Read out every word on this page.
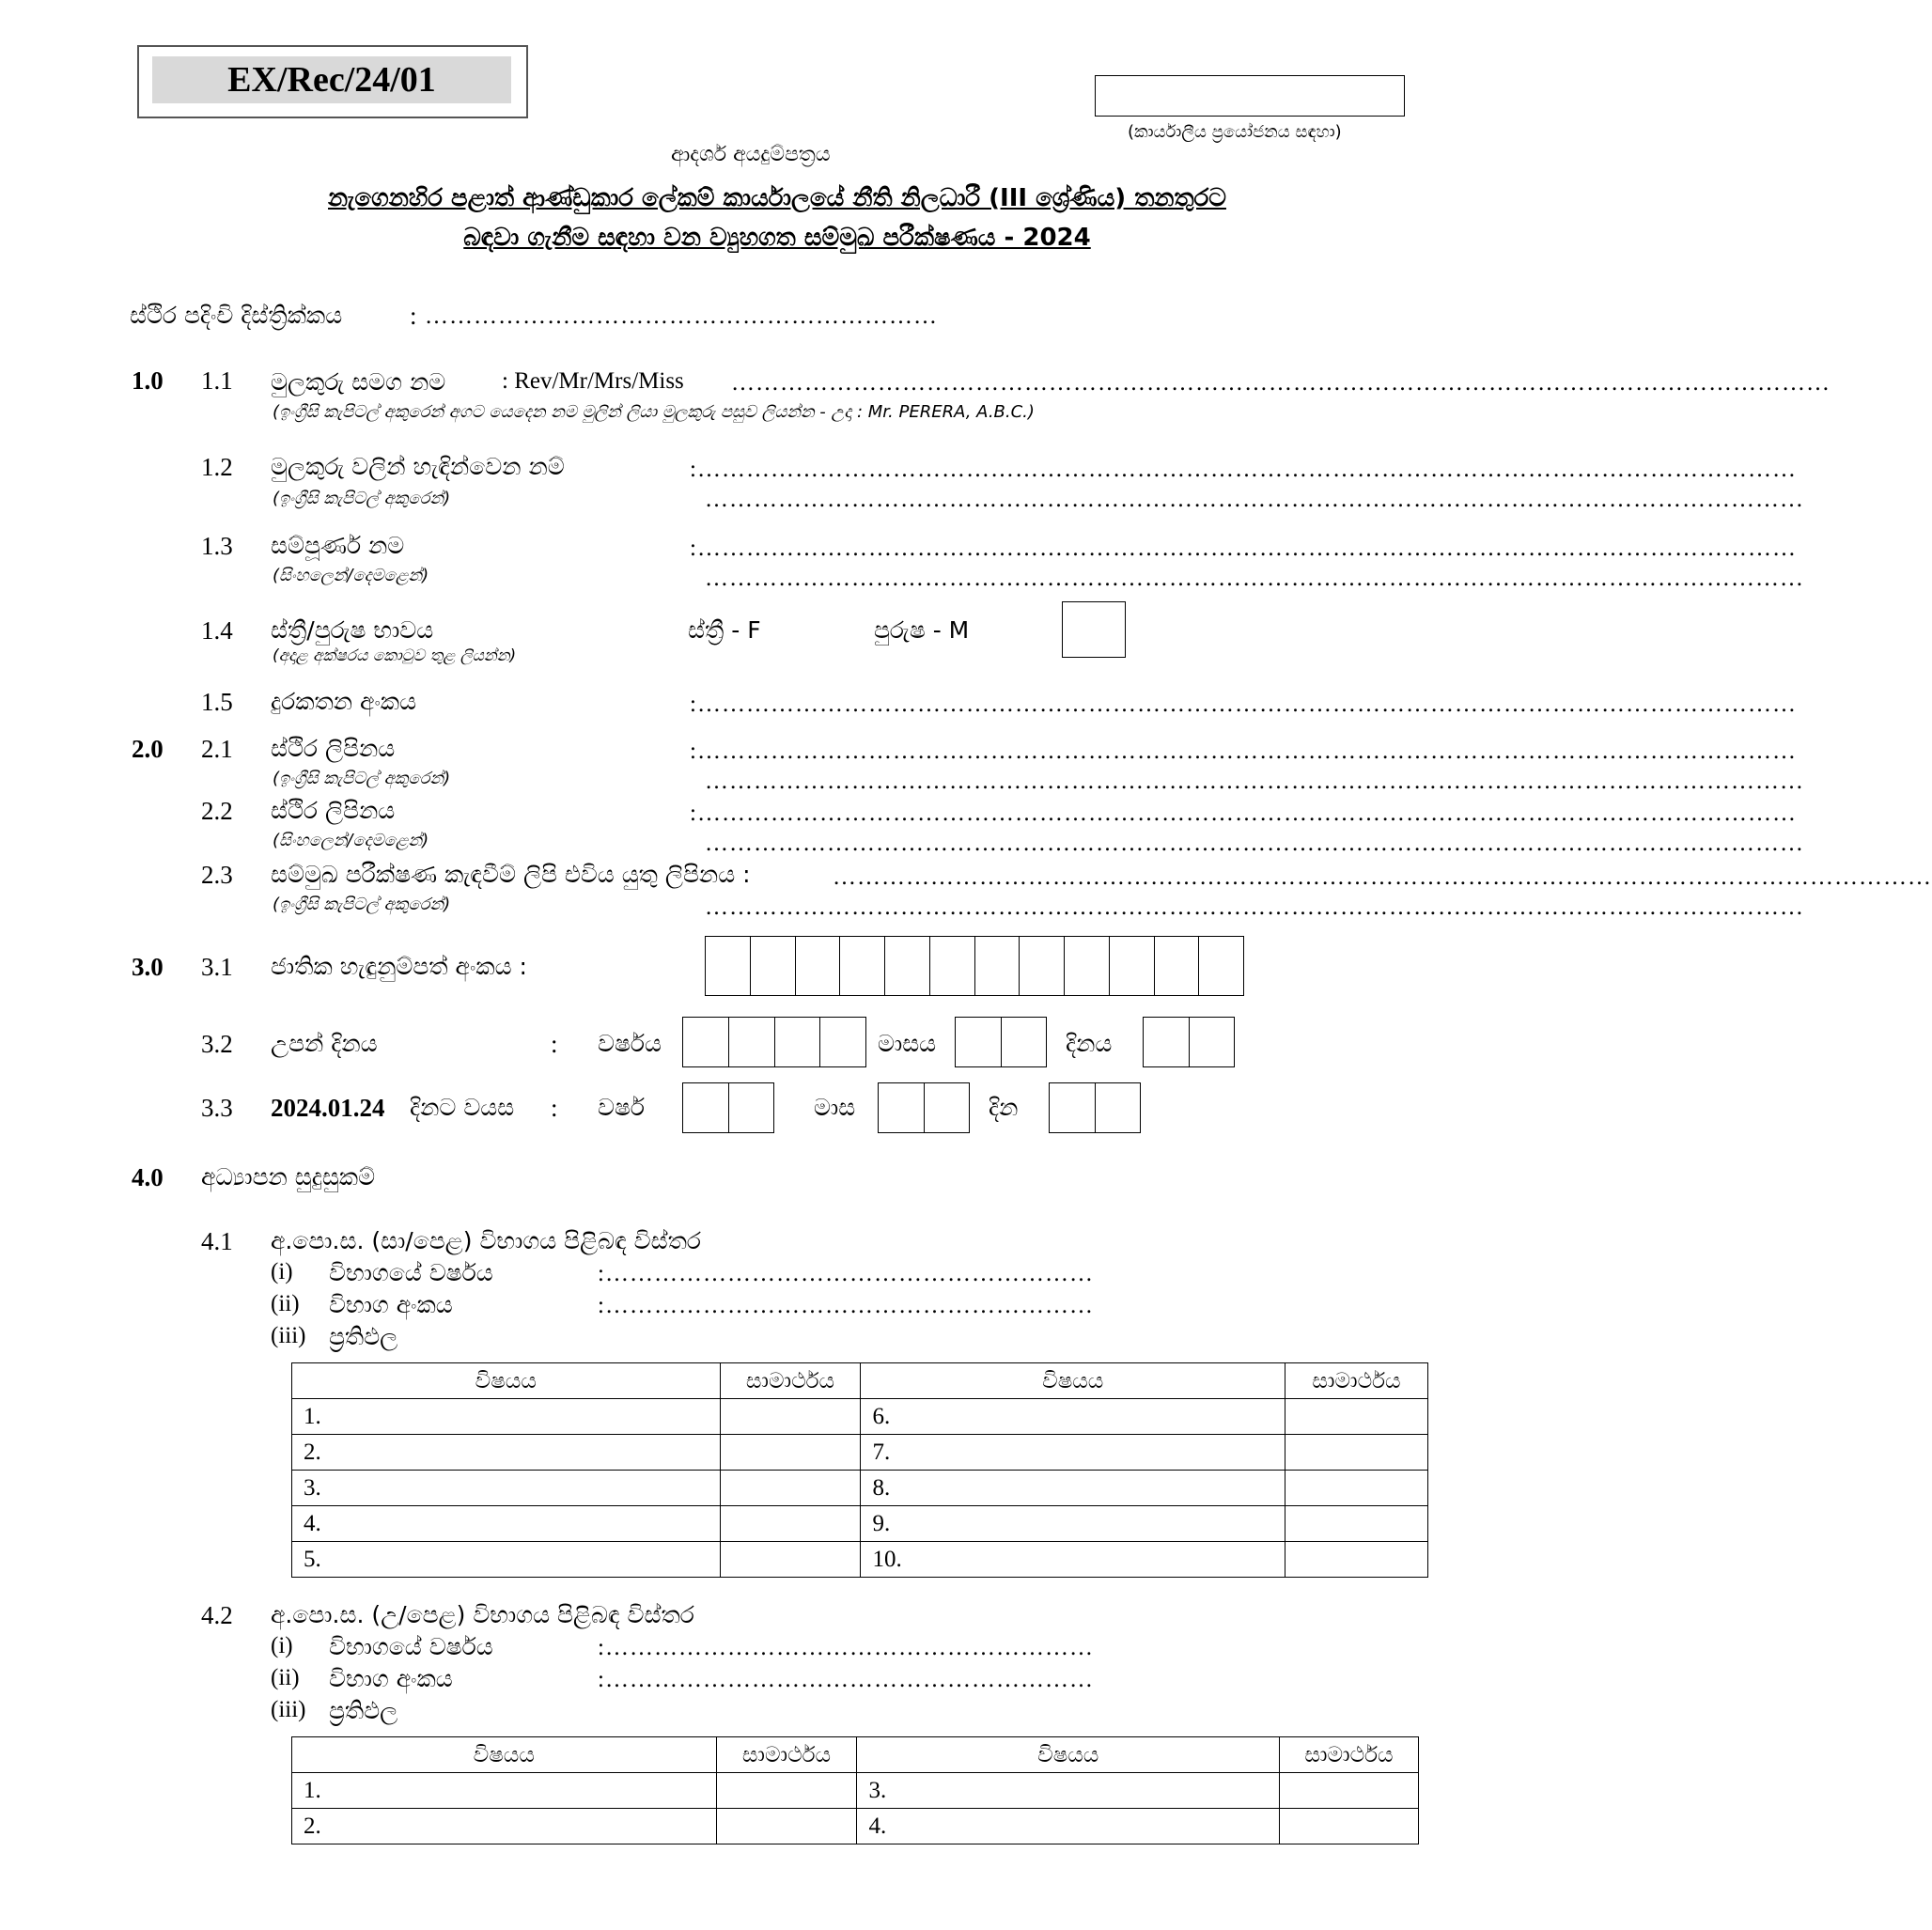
EX/Rec/24/01
(කාර්යාලීය ප්‍රයෝජනය සඳහා)
ආදර්ශ අයදුම්පත්‍රය
නැගෙනහිර පළාත් ආණ්ඩුකාර ලේකම් කාර්යාලයේ නීති නිලධාරී (III ශ්‍රේණිය) තනතුරට
බඳවා ගැනීම සඳහා වන ව්‍යුහගත සම්මුඛ පරීක්ෂණය - 2024
ස්ථිර පදිංචි දිස්ත්‍රික්කය	: ………………………………………………………
1.0 1.1 මුලකුරු සමග නම : Rev/Mr/Mrs/Miss ………………………………………………………………………………………………………………………
(ඉංග්‍රීසි කැපිටල් අකුරෙන් අගට යෙදෙන නම මුලින් ලියා මුලකුරු පසුව ලියන්න - උදා : Mr. PERERA, A.B.C.)
1.2 මුලකුරු වලින් හැඳින්වෙන නම්	:………………………………………………………………………………………………………………………
(ඉංග්‍රීසි කැපිටල් අකුරෙන්)	………………………………………………………………………………………………………………………
1.3 සම්පූර්ණ නම	:………………………………………………………………………………………………………………………
(සිංහලෙන්/දෙමළෙන්)	………………………………………………………………………………………………………………………
1.4 ස්ත්‍රී/පුරුෂ භාවය	ස්ත්‍රී - F	පුරුෂ - M
(අදාළ අක්ෂරය කොටුව තුළ ලියන්න)
1.5 දුරකතන අංකය	:………………………………………………………………………………………………………………………
2.0 2.1 ස්ථිර ලිපිනය	:………………………………………………………………………………………………………………………
(ඉංග්‍රීසි කැපිටල් අකුරෙන්)	………………………………………………………………………………………………………………………
2.2 ස්ථිර ලිපිනය	:………………………………………………………………………………………………………………………
(සිංහලෙන්/දෙමළෙන්)	………………………………………………………………………………………………………………………
2.3 සම්මුඛ පරීක්ෂණ කැඳවීම් ලිපි එවිය යුතු ලිපිනය :	………………………………………………………………………………………………………………………
(ඉංග්‍රීසි කැපිටල් අකුරෙන්)	………………………………………………………………………………………………………………………
3.0 3.1 ජාතික හැඳුනුම්පත් අංකය :
3.2 උපන් දිනය	: වර්ෂය	මාසය	දිනය
3.3 2024.01.24 දිනට වයස : වර්ෂ	මාස	දින
4.0 අධ්‍යාපන සුදුසුකම්
4.1 අ.පො.ස. (සා/පෙළ) විභාගය පිළිබඳ විස්තර
(i) විභාගයේ වර්ෂය	:……………………………………………………
(ii) විභාග අංකය	:……………………………………………………
(iii) ප්‍රතිඵල
විෂයය	සාමාර්ථය	විෂයය	සාමාර්ථය
1.		6.	
2.		7.	
3.		8.	
4.		9.	
5.		10.	
4.2 අ.පො.ස. (උ/පෙළ) විභාගය පිළිබඳ විස්තර
(i) විභාගයේ වර්ෂය	:……………………………………………………
(ii) විභාග අංකය	:……………………………………………………
(iii) ප්‍රතිඵල
විෂයය	සාමාර්ථය	විෂයය	සාමාර්ථය
1.		3.	
2.		4.	
